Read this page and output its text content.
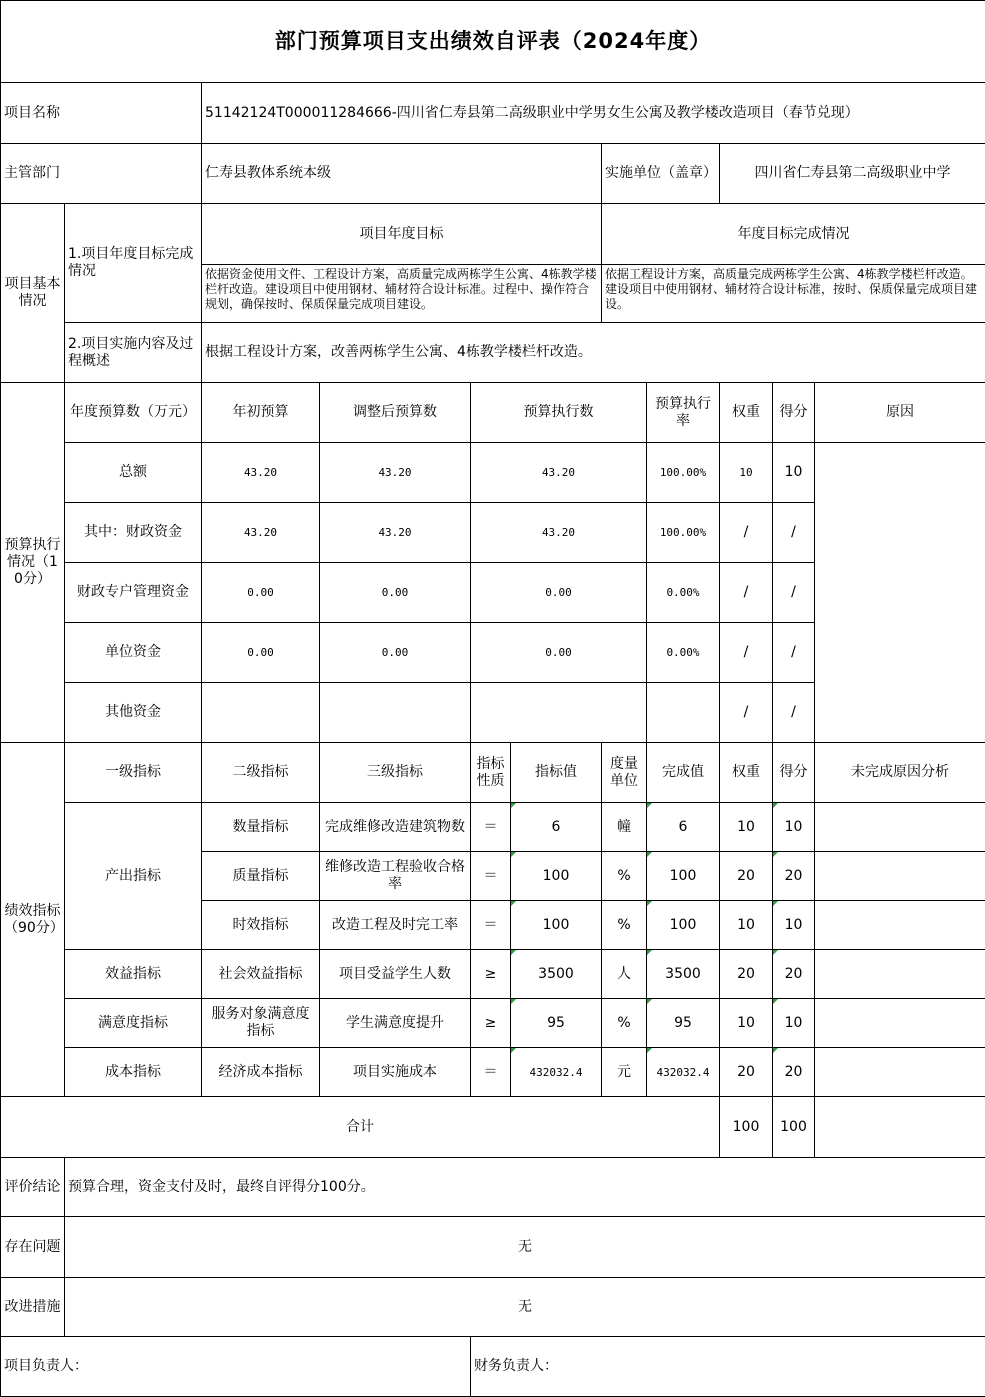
部门预算项目支出绩效自评表（2024年度）										
项目名称		51142124T000011284666-四川省仁寿县第二高级职业中学男女生公寓及教学楼改造项目（春节兑现）								
主管部门		仁寿县教体系统本级				实施单位（盖章）		四川省仁寿县第二高级职业中学		
项目基本情况	1.项目年度目标完成情况	项目年度目标				年度目标完成情况				
		依据资金使用文件、工程设计方案，高质量完成两栋学生公寓、4栋教学楼栏杆改造。建设项目中使用钢材、辅材符合设计标准。过程中、操作符合规划，确保按时、保质保量完成项目建设。				依据工程设计方案，高质量完成两栋学生公寓、4栋教学楼栏杆改造。建设项目中使用钢材、辅材符合设计标准，按时、保质保量完成项目建设。				
	2.项目实施内容及过程概述	根据工程设计方案，改善两栋学生公寓、4栋教学楼栏杆改造。								
预算执行情况（10分）	年度预算数（万元）	年初预算	调整后预算数	预算执行数			预算执行率	权重	得分	原因
	总额	43.20	43.20	43.20			100.00%	10	10	
	其中：财政资金	43.20	43.20	43.20			100.00%	/	/	
	财政专户管理资金	0.00	0.00	0.00			0.00%	/	/	
	单位资金	0.00	0.00	0.00			0.00%	/	/	
	其他资金							/	/	
绩效指标（90分）	一级指标	二级指标	三级指标	指标性质	指标值	度量单位	完成值	权重	得分	未完成原因分析
	产出指标	数量指标	完成维修改造建筑物数	＝	6	幢	6	10	10	
		质量指标	维修改造工程验收合格率	＝	100	%	100	20	20	
		时效指标	改造工程及时完工率	＝	100	%	100	10	10	
	效益指标	社会效益指标	项目受益学生人数	≥	3500	人	3500	20	20	
	满意度指标	服务对象满意度指标	学生满意度提升	≥	95	%	95	10	10	
	成本指标	经济成本指标	项目实施成本	＝	432032.4	元	432032.4	20	20	
合计								100	100	
评价结论	预算合理，资金支付及时，最终自评得分100分。									
存在问题	无									
改进措施	无									
项目负责人：				财务负责人：						
